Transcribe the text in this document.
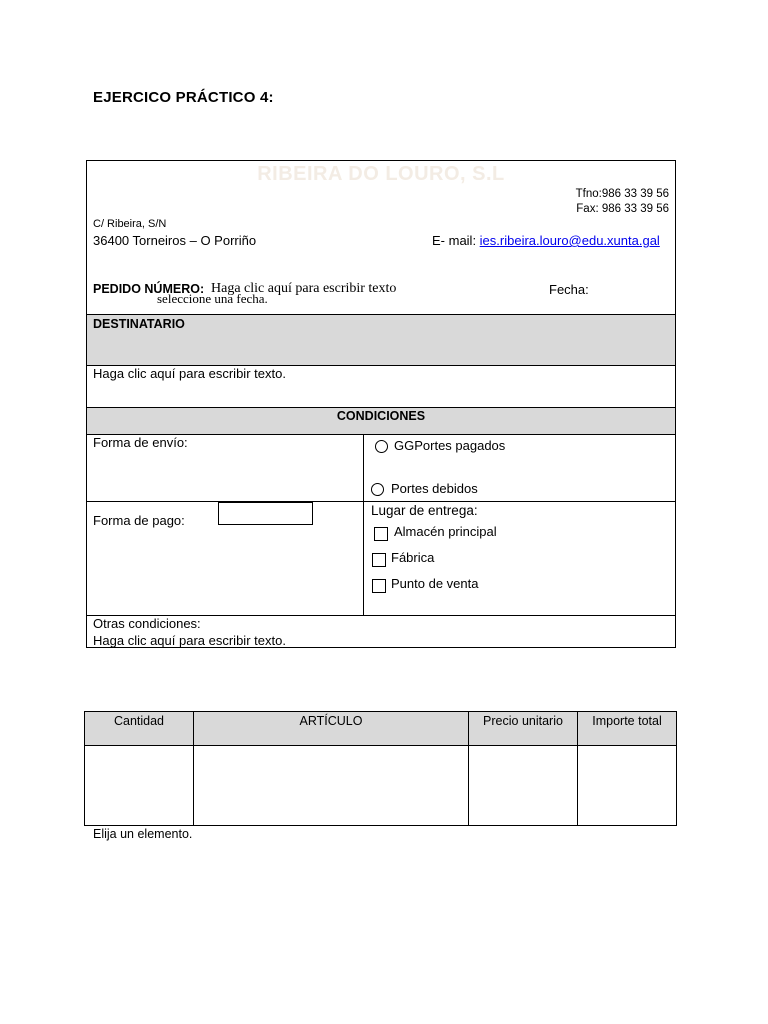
EJERCICO PRÁCTICO 4:
RIBEIRA DO LOURO, S.L
Tfno:986 33 39 56
Fax: 986 33 39 56
C/ Ribeira, S/N
36400 Torneiros – O Porriño	E- mail: ies.ribeira.louro@edu.xunta.gal
PEDIDO NÚMERO:
seleccione una fecha.
Haga clic aquí para escribir texto	Fecha:
DESTINATARIO
Haga clic aquí para escribir texto.
CONDICIONES
Forma de envío:	GGPortes pagados
Portes debidos
Forma de pago:
Lugar de entrega:
Almacén principal
Fábrica
Punto de venta
Otras condiciones:
Haga clic aquí para escribir texto.
Cantidad	ARTÍCULO	Precio unitario	Importe total
Elija un elemento.
